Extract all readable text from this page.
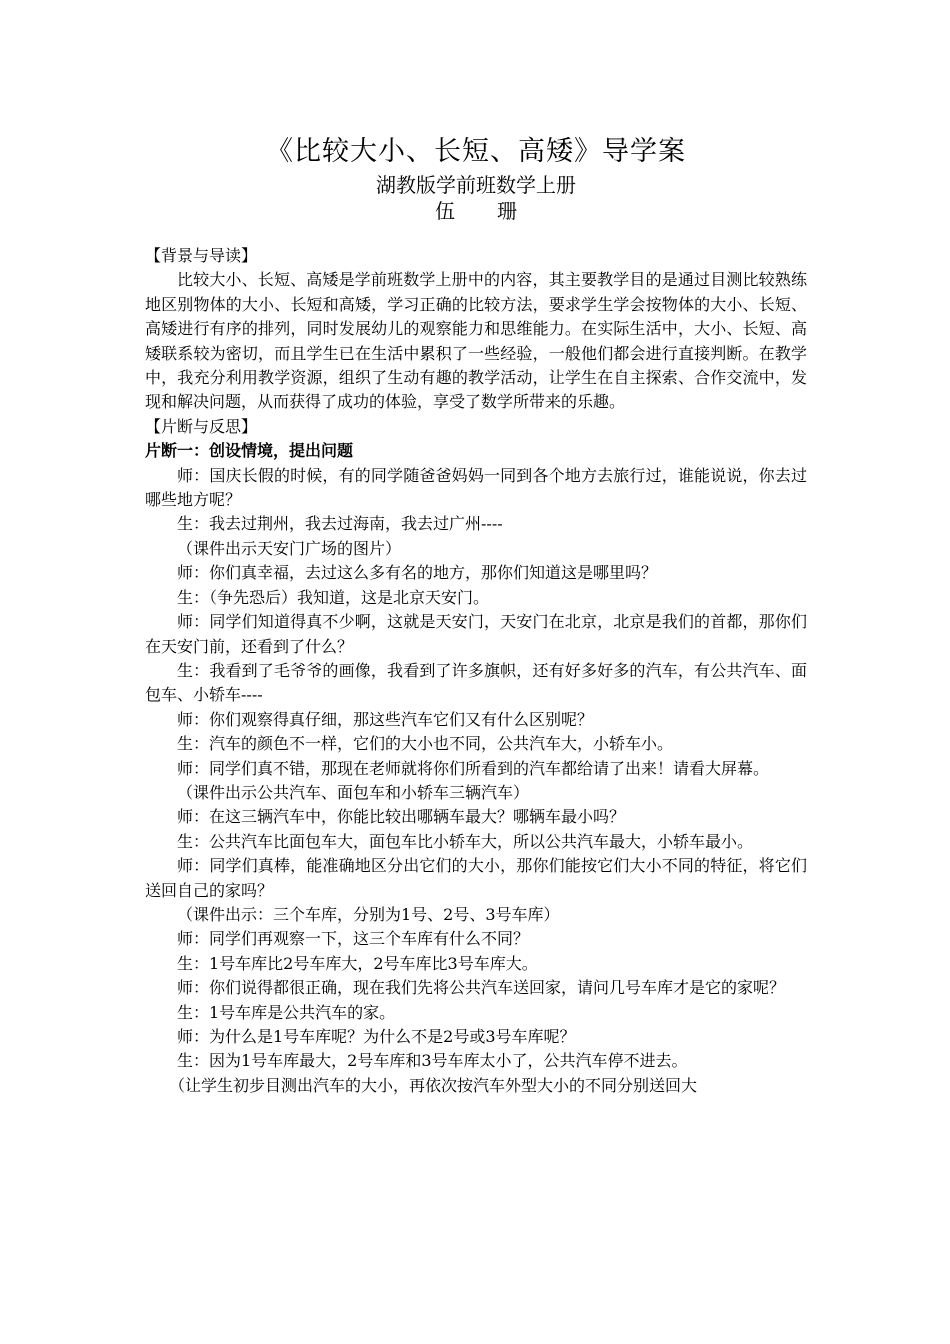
《比较大小、长短、高矮》导学案
湖教版学前班数学上册
伍 珊

【背景与导读】

比较大小、长短、高矮是学前班数学上册中的内容，其主要教学目的是通过目测比较熟练地区别物体的大小、长短和高矮，学习正确的比较方法，要求学生学会按物体的大小、长短、高矮进行有序的排列，同时发展幼儿的观察能力和思维能力。在实际生活中，大小、长短、高矮联系较为密切，而且学生已在生活中累积了一些经验，一般他们都会进行直接判断。在教学中，我充分利用教学资源，组织了生动有趣的教学活动，让学生在自主探索、合作交流中，发现和解决问题，从而获得了成功的体验，享受了数学所带来的乐趣。

【片断与反思】

片断一：创设情境，提出问题

师：国庆长假的时候，有的同学随爸爸妈妈一同到各个地方去旅行过，谁能说说，你去过哪些地方呢？

生：我去过荆州，我去过海南，我去过广州----

（课件出示天安门广场的图片）

师：你们真幸福，去过这么多有名的地方，那你们知道这是哪里吗？

生：（争先恐后）我知道，这是北京天安门。

师：同学们知道得真不少啊，这就是天安门，天安门在北京，北京是我们的首都，那你们在天安门前，还看到了什么？

生：我看到了毛爷爷的画像，我看到了许多旗帜，还有好多好多的汽车，有公共汽车、面包车、小轿车----

师：你们观察得真仔细，那这些汽车它们又有什么区别呢？

生：汽车的颜色不一样，它们的大小也不同，公共汽车大，小轿车小。

师：同学们真不错，那现在老师就将你们所看到的汽车都给请了出来！请看大屏幕。

（课件出示公共汽车、面包车和小轿车三辆汽车）

师：在这三辆汽车中，你能比较出哪辆车最大？哪辆车最小吗？

生：公共汽车比面包车大，面包车比小轿车大，所以公共汽车最大，小轿车最小。

师：同学们真棒，能准确地区分出它们的大小，那你们能按它们大小不同的特征，将它们送回自己的家吗？

（课件出示：三个车库，分别为1号、2号、3号车库）

师：同学们再观察一下，这三个车库有什么不同？

生：1号车库比2号车库大，2号车库比3号车库大。

师：你们说得都很正确，现在我们先将公共汽车送回家，请问几号车库才是它的家呢？

生：1号车库是公共汽车的家。

师：为什么是1号车库呢？为什么不是2号或3号车库呢？

生：因为1号车库最大，2号车库和3号车库太小了，公共汽车停不进去。

（让学生初步目测出汽车的大小，再依次按汽车外型大小的不同分别送回大
